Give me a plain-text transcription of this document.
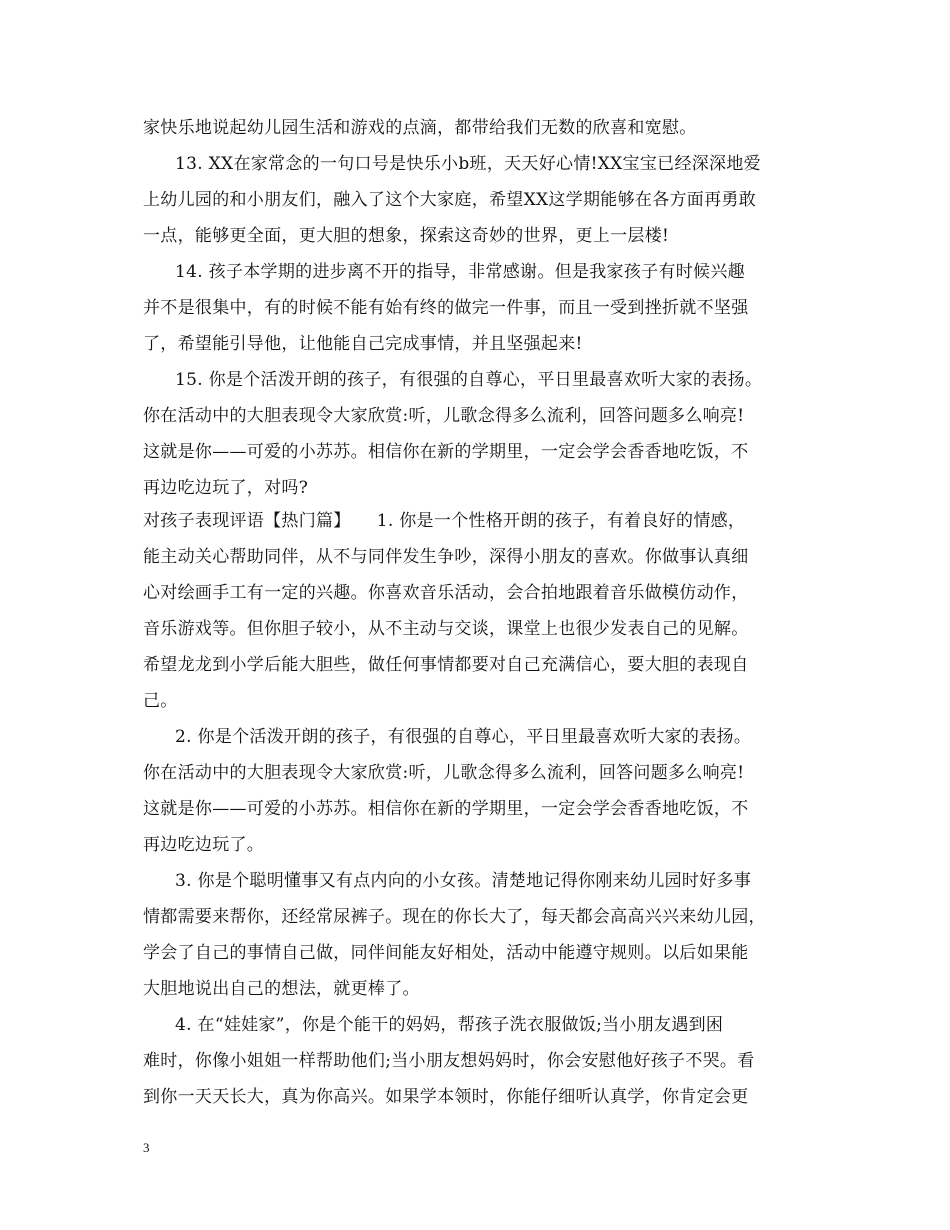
家快乐地说起幼儿园生活和游戏的点滴，都带给我们无数的欣喜和宽慰。
13. XX在家常念的一句口号是快乐小b班，天天好心情!XX宝宝已经深深地爱
上幼儿园的和小朋友们，融入了这个大家庭，希望XX这学期能够在各方面再勇敢
一点，能够更全面，更大胆的想象，探索这奇妙的世界，更上一层楼!
14. 孩子本学期的进步离不开的指导，非常感谢。但是我家孩子有时候兴趣
并不是很集中，有的时候不能有始有终的做完一件事，而且一受到挫折就不坚强
了，希望能引导他，让他能自己完成事情，并且坚强起来!
15. 你是个活泼开朗的孩子，有很强的自尊心，平日里最喜欢听大家的表扬。
你在活动中的大胆表现令大家欣赏:听，儿歌念得多么流利，回答问题多么响亮!
这就是你——可爱的小苏苏。相信你在新的学期里，一定会学会香香地吃饭，不
再边吃边玩了，对吗?
对孩子表现评语【热门篇】　　1. 你是一个性格开朗的孩子，有着良好的情感，
能主动关心帮助同伴，从不与同伴发生争吵，深得小朋友的喜欢。你做事认真细
心对绘画手工有一定的兴趣。你喜欢音乐活动，会合拍地跟着音乐做模仿动作，
音乐游戏等。但你胆子较小，从不主动与交谈，课堂上也很少发表自己的见解。
希望龙龙到小学后能大胆些，做任何事情都要对自己充满信心，要大胆的表现自
己。
2. 你是个活泼开朗的孩子，有很强的自尊心，平日里最喜欢听大家的表扬。
你在活动中的大胆表现令大家欣赏:听，儿歌念得多么流利，回答问题多么响亮!
这就是你——可爱的小苏苏。相信你在新的学期里，一定会学会香香地吃饭，不
再边吃边玩了。
3. 你是个聪明懂事又有点内向的小女孩。清楚地记得你刚来幼儿园时好多事
情都需要来帮你，还经常尿裤子。现在的你长大了，每天都会高高兴兴来幼儿园，
学会了自己的事情自己做，同伴间能友好相处，活动中能遵守规则。以后如果能
大胆地说出自己的想法，就更棒了。
4. 在“娃娃家”，你是个能干的妈妈，帮孩子洗衣服做饭;当小朋友遇到困
难时，你像小姐姐一样帮助他们;当小朋友想妈妈时，你会安慰他好孩子不哭。看
到你一天天长大，真为你高兴。如果学本领时，你能仔细听认真学，你肯定会更
3
